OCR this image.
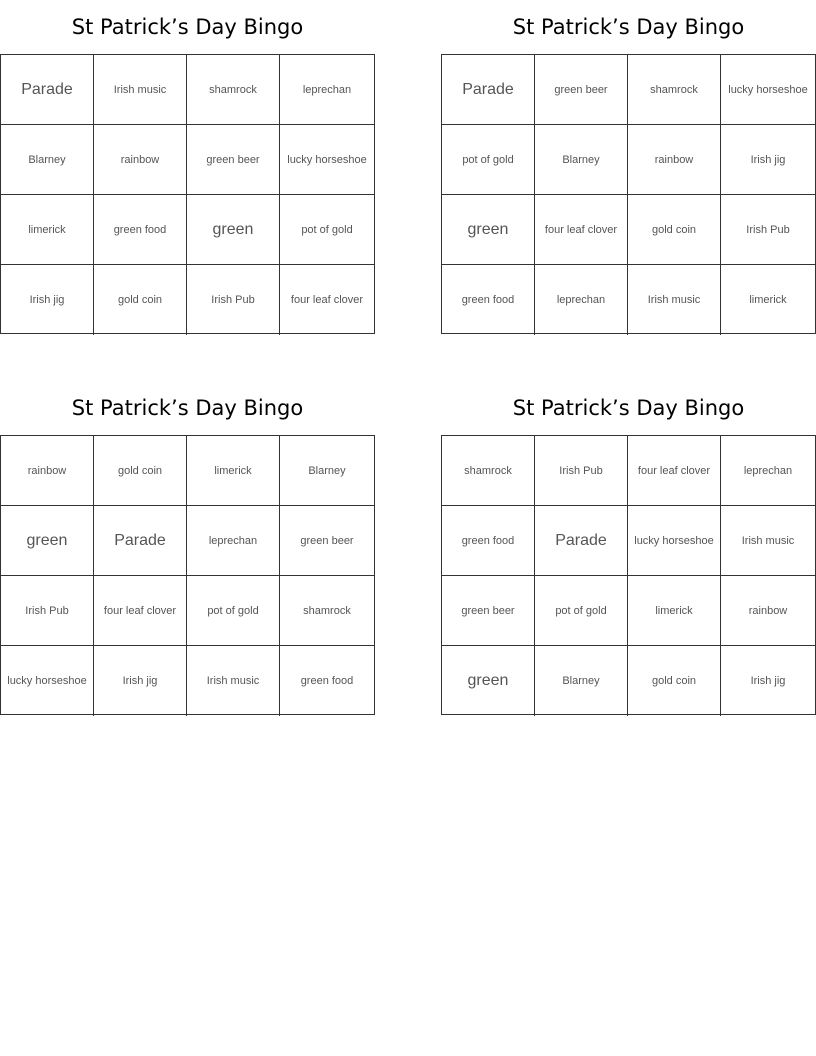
St Patrick’s Day Bingo
Parade	Irish music	shamrock	leprechan
Blarney	rainbow	green beer	lucky horseshoe
limerick	green food	green	pot of gold
Irish jig	gold coin	Irish Pub	four leaf clover
St Patrick’s Day Bingo
Parade	green beer	shamrock	lucky horseshoe
pot of gold	Blarney	rainbow	Irish jig
green	four leaf clover	gold coin	Irish Pub
green food	leprechan	Irish music	limerick
St Patrick’s Day Bingo
rainbow	gold coin	limerick	Blarney
green	Parade	leprechan	green beer
Irish Pub	four leaf clover	pot of gold	shamrock
lucky horseshoe	Irish jig	Irish music	green food
St Patrick’s Day Bingo
shamrock	Irish Pub	four leaf clover	leprechan
green food	Parade	lucky horseshoe	Irish music
green beer	pot of gold	limerick	rainbow
green	Blarney	gold coin	Irish jig
